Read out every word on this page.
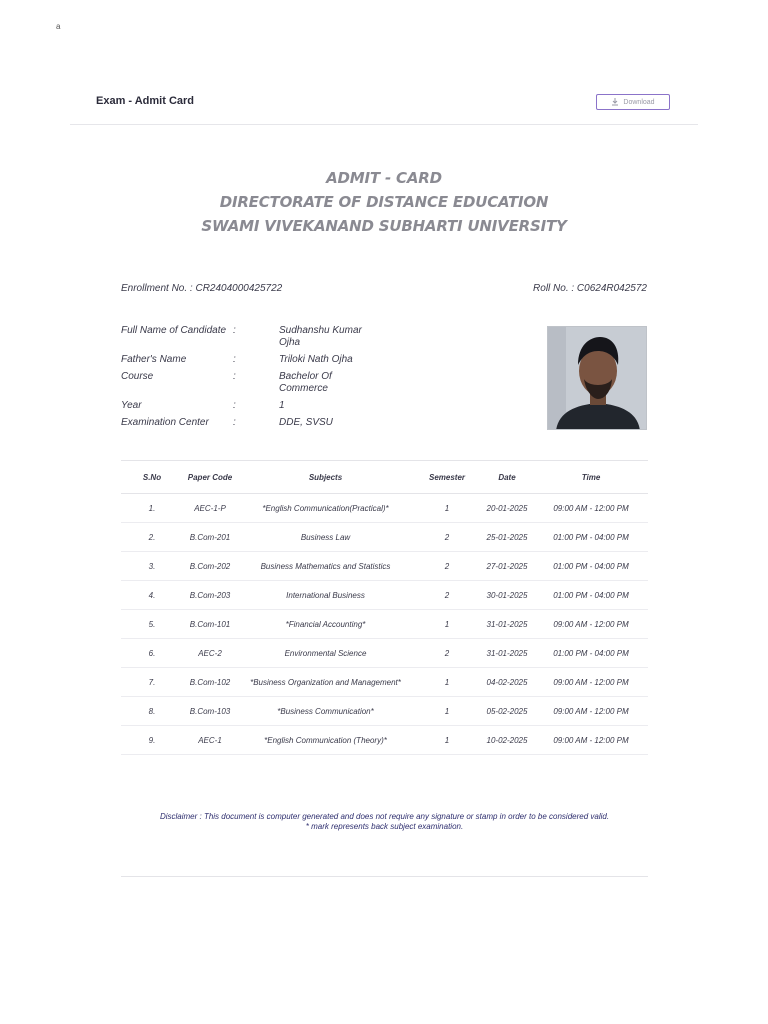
a
Exam - Admit Card	Download
ADMIT - CARD
DIRECTORATE OF DISTANCE EDUCATION
SWAMI VIVEKANAND SUBHARTI UNIVERSITY
Enrollment No. : CR2404000425722	Roll No. : C0624R042572
Full Name of Candidate :	Sudhanshu Kumar Ojha
Father's Name	:	Triloki Nath Ojha
Course	:	Bachelor Of Commerce
Year	:	1
Examination Center	:	DDE, SVSU
S.No	Paper Code	Subjects	Semester	Date	Time
1.	AEC-1-P	*English Communication(Practical)*	1	20-01-2025	09:00 AM - 12:00 PM
2.	B.Com-201	Business Law	2	25-01-2025	01:00 PM - 04:00 PM
3.	B.Com-202	Business Mathematics and Statistics	2	27-01-2025	01:00 PM - 04:00 PM
4.	B.Com-203	International Business	2	30-01-2025	01:00 PM - 04:00 PM
5.	B.Com-101	*Financial Accounting*	1	31-01-2025	09:00 AM - 12:00 PM
6.	AEC-2	Environmental Science	2	31-01-2025	01:00 PM - 04:00 PM
7.	B.Com-102	*Business Organization and Management*	1	04-02-2025	09:00 AM - 12:00 PM
8.	B.Com-103	*Business Communication*	1	05-02-2025	09:00 AM - 12:00 PM
9.	AEC-1	*English Communication (Theory)*	1	10-02-2025	09:00 AM - 12:00 PM
Disclaimer : This document is computer generated and does not require any signature or stamp in order to be considered valid.
* mark represents back subject examination.
